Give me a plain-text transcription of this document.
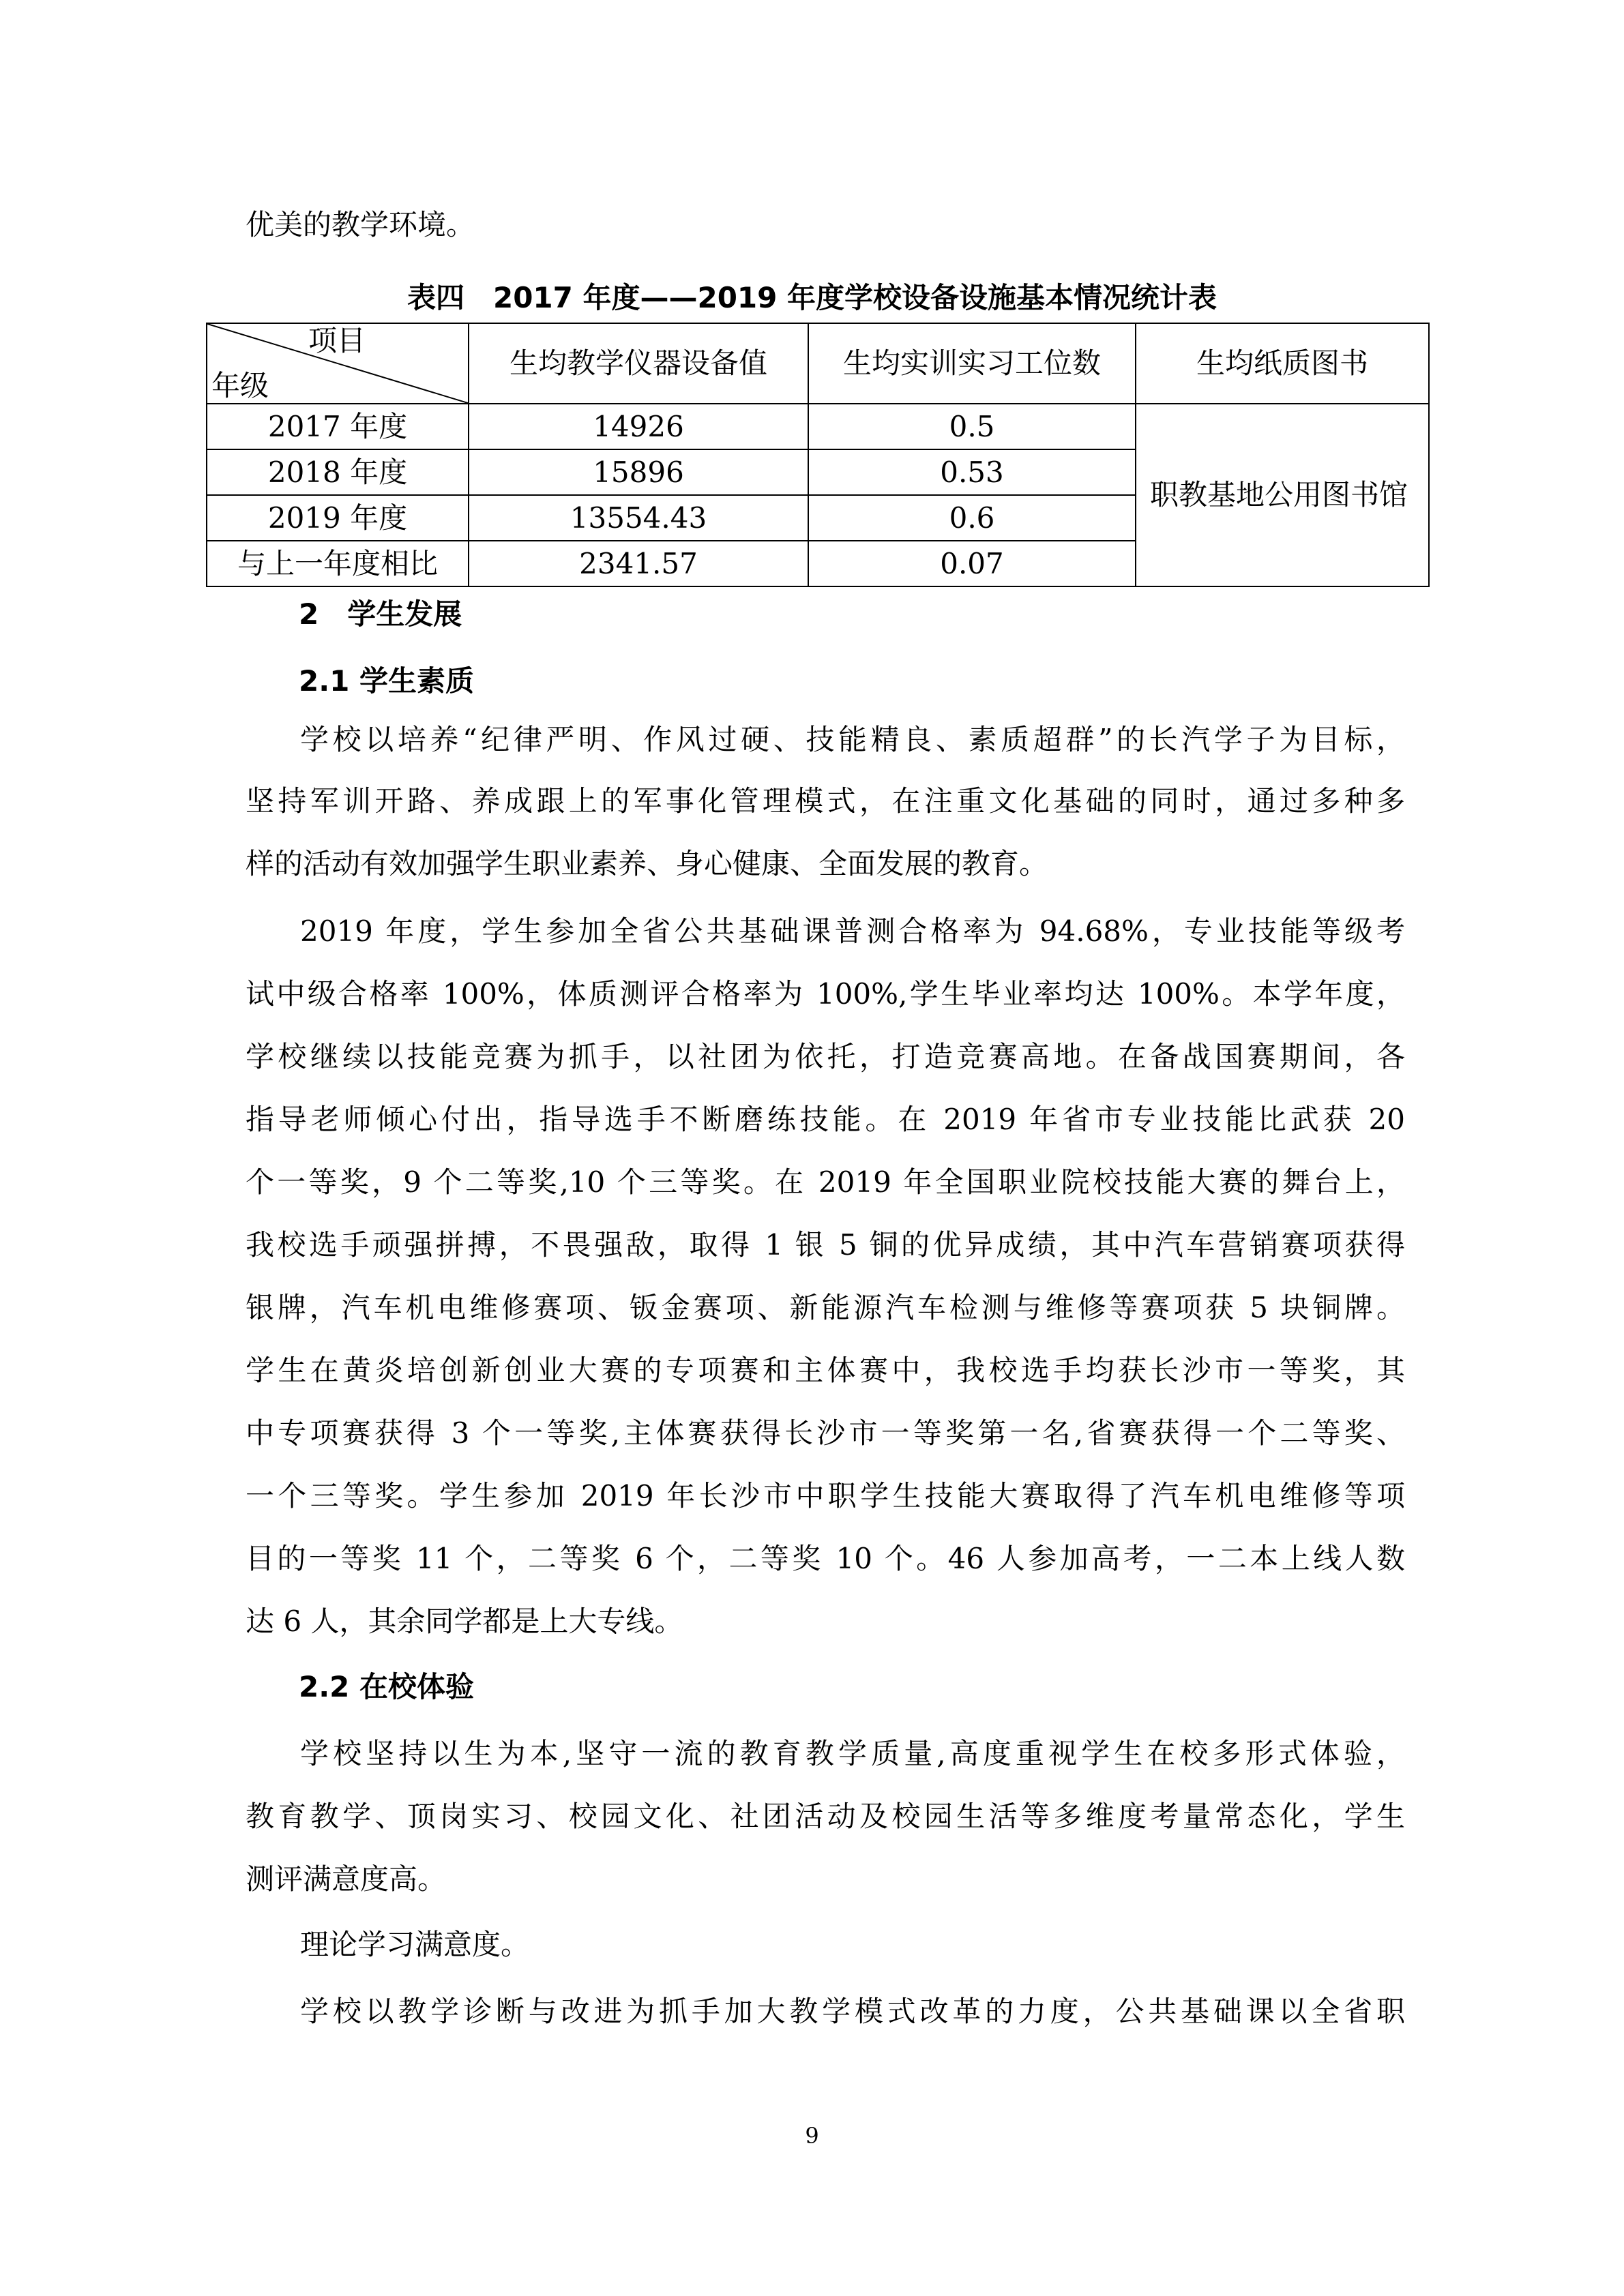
优美的教学环境。
表四　2017 年度——2019 年度学校设备设施基本情况统计表
项目
年级	生均教学仪器设备值	生均实训实习工位数	生均纸质图书
2017 年度	14926	0.5	职教基地公用图书馆
2018 年度	15896	0.53	
2019 年度	13554.43	0.6	
与上一年度相比	2341.57	0.07	
2　学生发展
2.1 学生素质
学校以培养“纪律严明、作风过硬、技能精良、素质超群”的长汽学子为目标，
坚持军训开路、养成跟上的军事化管理模式，在注重文化基础的同时，通过多种多
样的活动有效加强学生职业素养、身心健康、全面发展的教育。
2019 年度，学生参加全省公共基础课普测合格率为 94.68%，专业技能等级考
试中级合格率 100%，体质测评合格率为 100%,学生毕业率均达 100%。本学年度，
学校继续以技能竞赛为抓手，以社团为依托，打造竞赛高地。在备战国赛期间，各
指导老师倾心付出，指导选手不断磨练技能。在 2019 年省市专业技能比武获 20
个一等奖，9 个二等奖,10 个三等奖。在 2019 年全国职业院校技能大赛的舞台上，
我校选手顽强拼搏，不畏强敌，取得 1 银 5 铜的优异成绩，其中汽车营销赛项获得
银牌，汽车机电维修赛项、钣金赛项、新能源汽车检测与维修等赛项获 5 块铜牌。
学生在黄炎培创新创业大赛的专项赛和主体赛中，我校选手均获长沙市一等奖，其
中专项赛获得 3 个一等奖,主体赛获得长沙市一等奖第一名,省赛获得一个二等奖、
一个三等奖。学生参加 2019 年长沙市中职学生技能大赛取得了汽车机电维修等项
目的一等奖 11 个，二等奖 6 个，二等奖 10 个。46 人参加高考，一二本上线人数
达 6 人，其余同学都是上大专线。
2.2 在校体验
学校坚持以生为本,坚守一流的教育教学质量,高度重视学生在校多形式体验，
教育教学、顶岗实习、校园文化、社团活动及校园生活等多维度考量常态化，学生
测评满意度高。
理论学习满意度。
学校以教学诊断与改进为抓手加大教学模式改革的力度，公共基础课以全省职
9
